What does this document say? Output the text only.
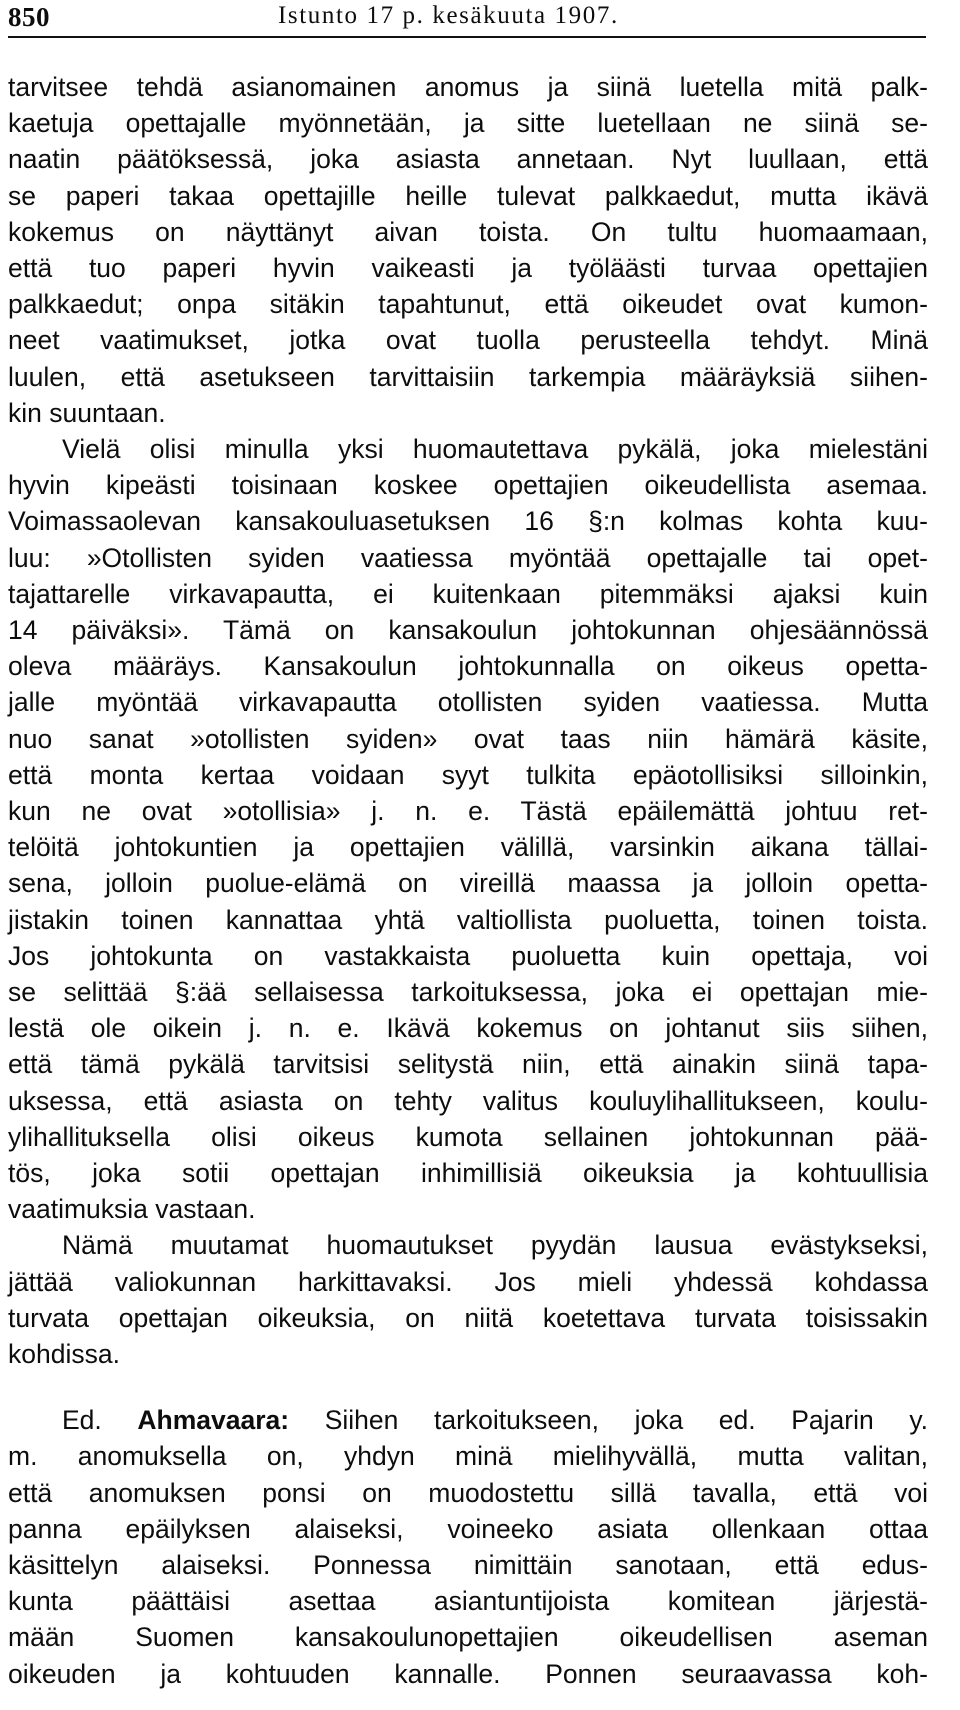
850	Istunto 17 p. kesäkuuta 1907.
tarvitsee tehdä asianomainen anomus ja siinä luetella mitä palk-
kaetuja opettajalle myönnetään, ja sitte luetellaan ne siinä se-
naatin päätöksessä, joka asiasta annetaan. Nyt luullaan, että
se paperi takaa opettajille heille tulevat palkkaedut, mutta ikävä
kokemus on näyttänyt aivan toista. On tultu huomaamaan,
että tuo paperi hyvin vaikeasti ja työläästi turvaa opettajien
palkkaedut; onpa sitäkin tapahtunut, että oikeudet ovat kumon-
neet vaatimukset, jotka ovat tuolla perusteella tehdyt. Minä
luulen, että asetukseen tarvittaisiin tarkempia määräyksiä siihen-
kin suuntaan.
Vielä olisi minulla yksi huomautettava pykälä, joka mielestäni
hyvin kipeästi toisinaan koskee opettajien oikeudellista asemaa.
Voimassaolevan kansakouluasetuksen 16 §:n kolmas kohta kuu-
luu: »Otollisten syiden vaatiessa myöntää opettajalle tai opet-
tajattarelle virkavapautta, ei kuitenkaan pitemmäksi ajaksi kuin
14 päiväksi». Tämä on kansakoulun johtokunnan ohjesäännössä
oleva määräys. Kansakoulun johtokunnalla on oikeus opetta-
jalle myöntää virkavapautta otollisten syiden vaatiessa. Mutta
nuo sanat »otollisten syiden» ovat taas niin hämärä käsite,
että monta kertaa voidaan syyt tulkita epäotollisiksi silloinkin,
kun ne ovat »otollisia» j. n. e. Tästä epäilemättä johtuu ret-
telöitä johtokuntien ja opettajien välillä, varsinkin aikana tällai-
sena, jolloin puolue-elämä on vireillä maassa ja jolloin opetta-
jistakin toinen kannattaa yhtä valtiollista puoluetta, toinen toista.
Jos johtokunta on vastakkaista puoluetta kuin opettaja, voi
se selittää §:ää sellaisessa tarkoituksessa, joka ei opettajan mie-
lestä ole oikein j. n. e. Ikävä kokemus on johtanut siis siihen,
että tämä pykälä tarvitsisi selitystä niin, että ainakin siinä tapa-
uksessa, että asiasta on tehty valitus kouluylihallitukseen, koulu-
ylihallituksella olisi oikeus kumota sellainen johtokunnan pää-
tös, joka sotii opettajan inhimillisiä oikeuksia ja kohtuullisia
vaatimuksia vastaan.
Nämä muutamat huomautukset pyydän lausua evästykseksi,
jättää valiokunnan harkittavaksi. Jos mieli yhdessä kohdassa
turvata opettajan oikeuksia, on niitä koetettava turvata toisissakin
kohdissa.
Ed. Ahmavaara: Siihen tarkoitukseen, joka ed. Pajarin y.
m. anomuksella on, yhdyn minä mielihyvällä, mutta valitan,
että anomuksen ponsi on muodostettu sillä tavalla, että voi
panna epäilyksen alaiseksi, voineeko asiata ollenkaan ottaa
käsittelyn alaiseksi. Ponnessa nimittäin sanotaan, että edus-
kunta päättäisi asettaa asiantuntijoista komitean järjestä-
mään Suomen kansakoulunopettajien oikeudellisen aseman
oikeuden ja kohtuuden kannalle. Ponnen seuraavassa koh-
